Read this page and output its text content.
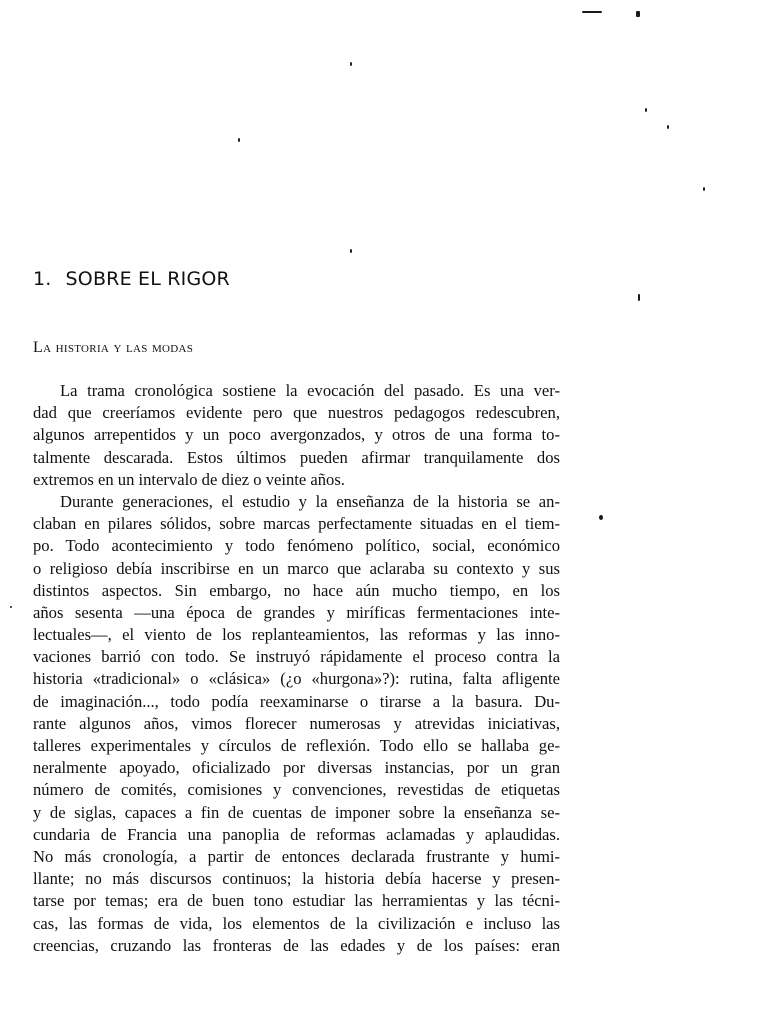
1. SOBRE EL RIGOR
La historia y las modas
La trama cronológica sostiene la evocación del pasado. Es una ver-
dad que creeríamos evidente pero que nuestros pedagogos redescubren,
algunos arrepentidos y un poco avergonzados, y otros de una forma to-
talmente descarada. Estos últimos pueden afirmar tranquilamente dos
extremos en un intervalo de diez o veinte años.
Durante generaciones, el estudio y la enseñanza de la historia se an-
claban en pilares sólidos, sobre marcas perfectamente situadas en el tiem-
po. Todo acontecimiento y todo fenómeno político, social, económico
o religioso debía inscribirse en un marco que aclaraba su contexto y sus
distintos aspectos. Sin embargo, no hace aún mucho tiempo, en los
años sesenta —una época de grandes y miríficas fermentaciones inte-
lectuales—, el viento de los replanteamientos, las reformas y las inno-
vaciones barrió con todo. Se instruyó rápidamente el proceso contra la
historia «tradicional» o «clásica» (¿o «hurgona»?): rutina, falta afligente
de imaginación..., todo podía reexaminarse o tirarse a la basura. Du-
rante algunos años, vimos florecer numerosas y atrevidas iniciativas,
talleres experimentales y círculos de reflexión. Todo ello se hallaba ge-
neralmente apoyado, oficializado por diversas instancias, por un gran
número de comités, comisiones y convenciones, revestidas de etiquetas
y de siglas, capaces a fin de cuentas de imponer sobre la enseñanza se-
cundaria de Francia una panoplia de reformas aclamadas y aplaudidas.
No más cronología, a partir de entonces declarada frustrante y humi-
llante; no más discursos continuos; la historia debía hacerse y presen-
tarse por temas; era de buen tono estudiar las herramientas y las técni-
cas, las formas de vida, los elementos de la civilización e incluso las
creencias, cruzando las fronteras de las edades y de los países: eran
